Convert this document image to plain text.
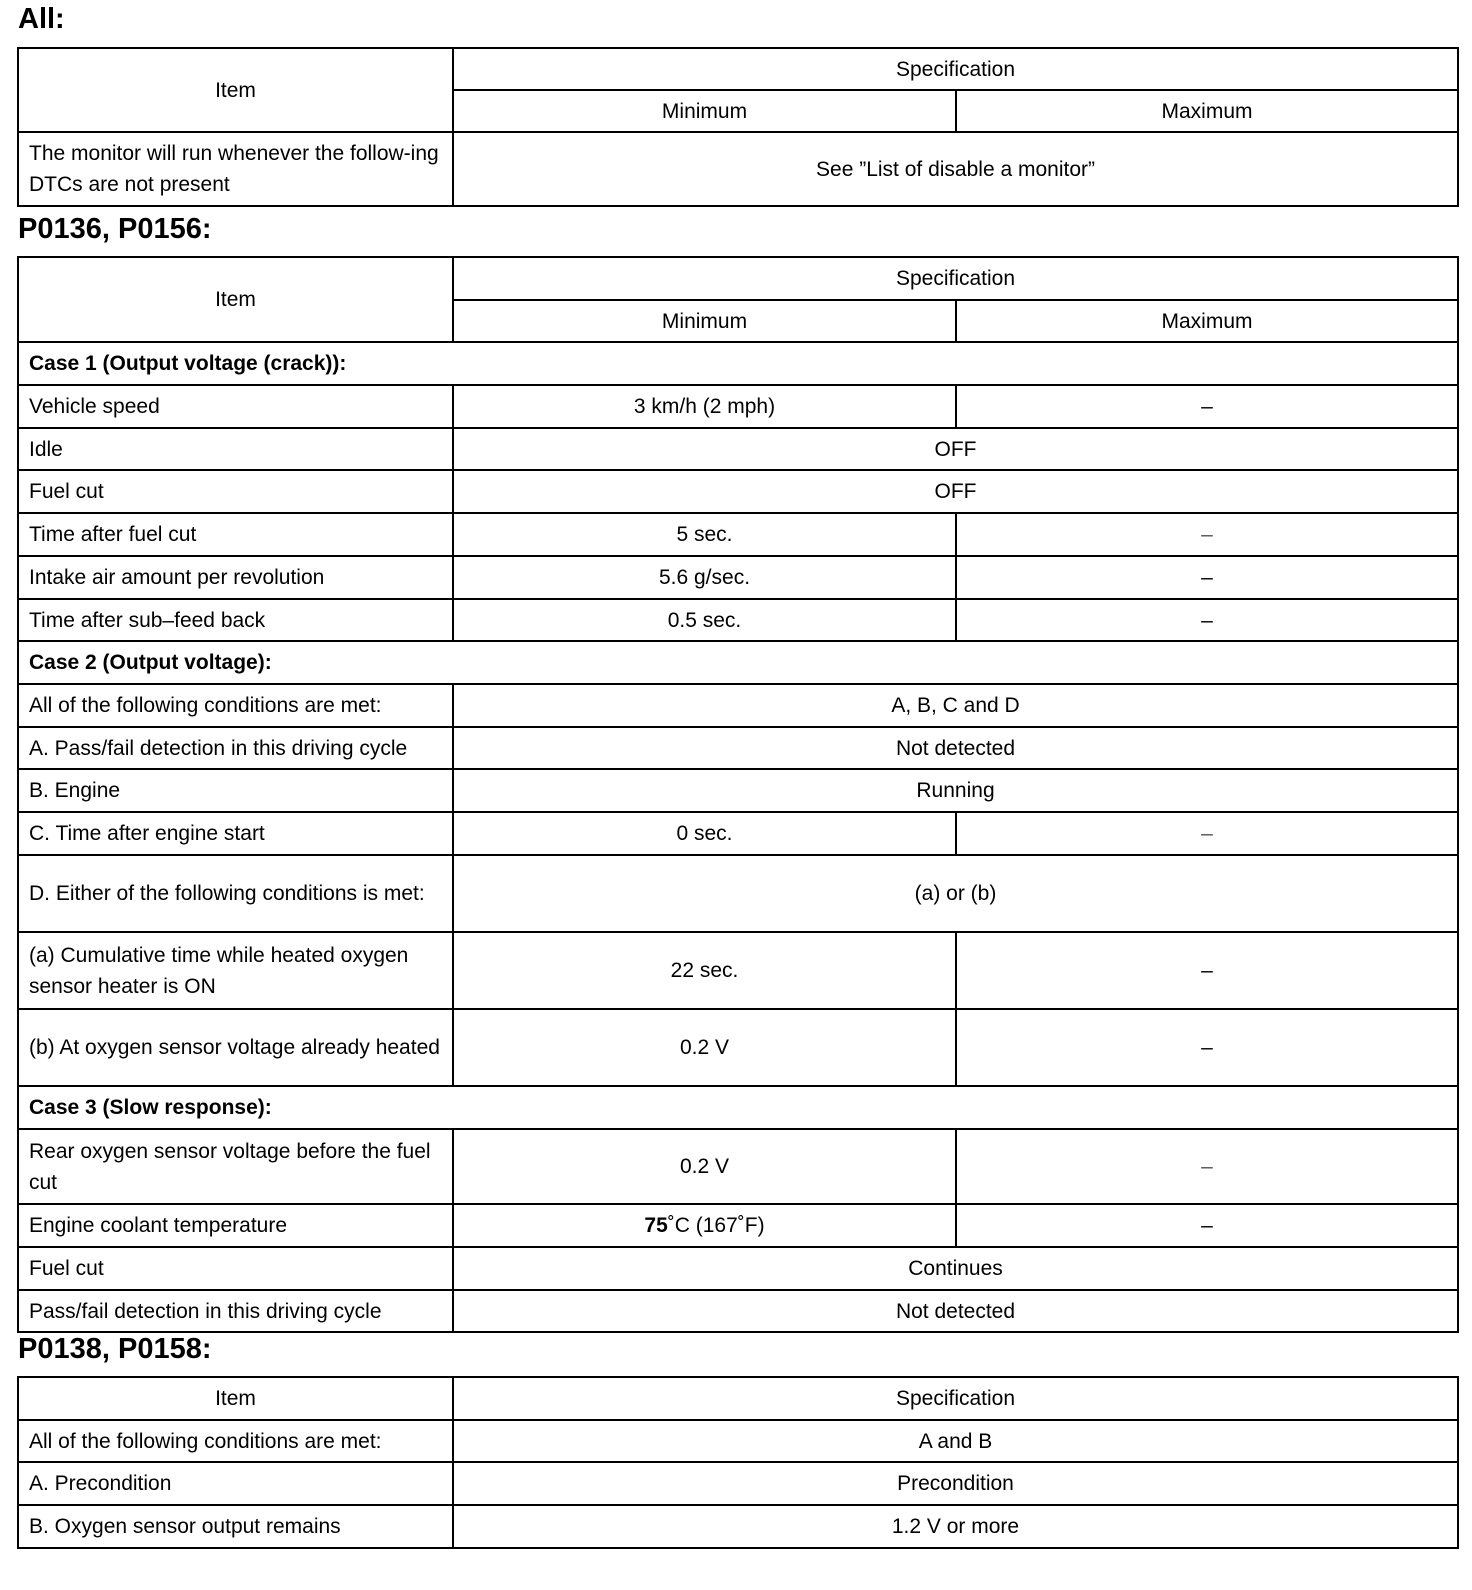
All:
Item	Specification	
	Minimum	Maximum
The monitor will run whenever the follow-ing DTCs are not present	See ”List of disable a monitor”	
P0136, P0156:
Item	Specification	
	Minimum	Maximum
Case 1 (Output voltage (crack)):		
Vehicle speed	3 km/h (2 mph)	–
Idle	OFF	
Fuel cut	OFF	
Time after fuel cut	5 sec.	–
Intake air amount per revolution	5.6 g/sec.	–
Time after sub–feed back	0.5 sec.	–
Case 2 (Output voltage):		
All of the following conditions are met:	A, B, C and D	
A. Pass/fail detection in this driving cycle	Not detected	
B. Engine	Running	
C. Time after engine start	0 sec.	–
D. Either of the following conditions is met:	(a) or (b)	
(a) Cumulative time while heated oxygen sensor heater is ON	22 sec.	–
(b) At oxygen sensor voltage already heated	0.2 V	–
Case 3 (Slow response):		
Rear oxygen sensor voltage before the fuel cut	0.2 V	–
Engine coolant temperature	75˚C (167˚F)	–
Fuel cut	Continues	
Pass/fail detection in this driving cycle	Not detected	
P0138, P0158:
Item	Specification
All of the following conditions are met:	A and B
A. Precondition	Precondition
B. Oxygen sensor output remains	1.2 V or more
